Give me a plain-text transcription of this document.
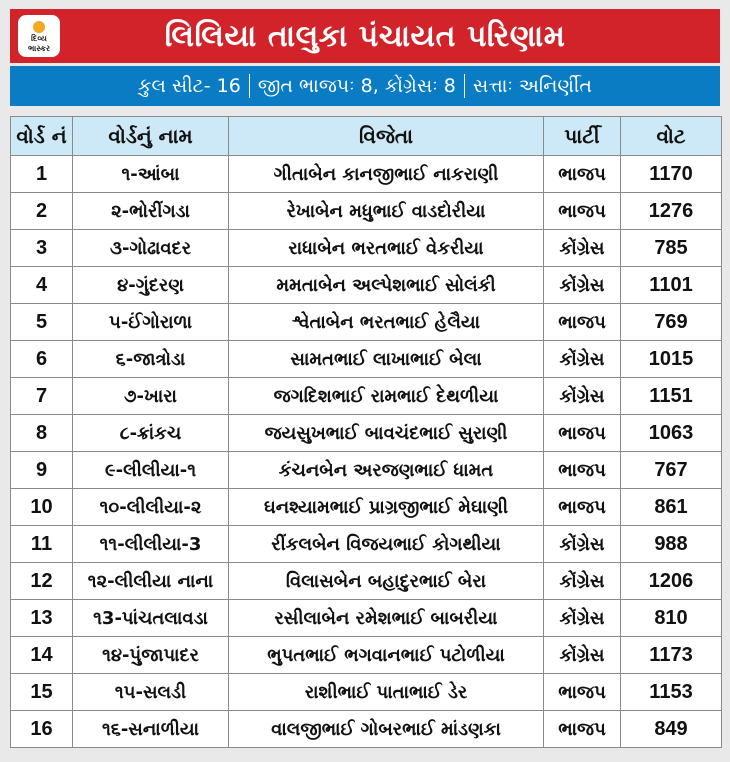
દિવ્ય
ભાસ્કર	લિલિયા તાલુકા પંચાયત પરિણામ
કુલ સીટ- 16 જીત ભાજપઃ 8, કોંગ્રેસઃ 8 સત્તાઃ અનિર્ણીત
વોર્ડ નં	વોર્ડનું નામ	વિજેતા	પાર્ટી	વોટ
1	૧-આંબા	ગીતાબેન કાનજીભાઈ નાકરાણી	ભાજપ	1170
2	૨-ભોરીંગડા	રેખાબેન મધુભાઈ વાડદોરીયા	ભાજપ	1276
3	૩-ગોઢાવદર	રાધાબેન ભરતભાઈ વેકરીયા	કોંગ્રેસ	785
4	૪-ગુંદરણ	મમતાબેન અલ્પેશભાઈ સોલંકી	કોંગ્રેસ	1101
5	૫-ઈંગોરાળા	શ્વેતાબેન ભરતભાઈ હેલૈયા	ભાજપ	769
6	૬-જાત્રોડા	સામતભાઈ લાખાભાઈ બેલા	કોંગ્રેસ	1015
7	૭-ખારા	જગદિશભાઈ રામભાઈ દેથળીયા	કોંગ્રેસ	1151
8	૮-ક્રાંકચ	જયસુખભાઈ બાવચંદભાઈ સુરાણી	ભાજપ	1063
9	૯-લીલીયા-૧	કંચનબેન અરજણભાઈ ધામત	ભાજપ	767
10	૧૦-લીલીયા-૨	ઘનશ્યામભાઈ પ્રાગ્રજીભાઈ મેઘાણી	ભાજપ	861
11	૧૧-લીલીયા-3	રીંકલબેન વિજયભાઈ કોગથીયા	કોંગ્રેસ	988
12	૧૨-લીલીયા નાના	વિલાસબેન બહાદુરભાઈ બેરા	કોંગ્રેસ	1206
13	૧3-પાંચતલાવડા	રસીલાબેન રમેશભાઈ બાબરીયા	કોંગ્રેસ	810
14	૧૪-પુંજાપાદર	ભુપતભાઈ ભગવાનભાઈ પટોળીયા	કોંગ્રેસ	1173
15	૧૫-સલડી	રાશીભાઈ પાતાભાઈ ડેર	ભાજપ	1153
16	૧૬-સનાળીયા	વાલજીભાઈ ગોબરભાઈ માંડણકા	ભાજપ	849
